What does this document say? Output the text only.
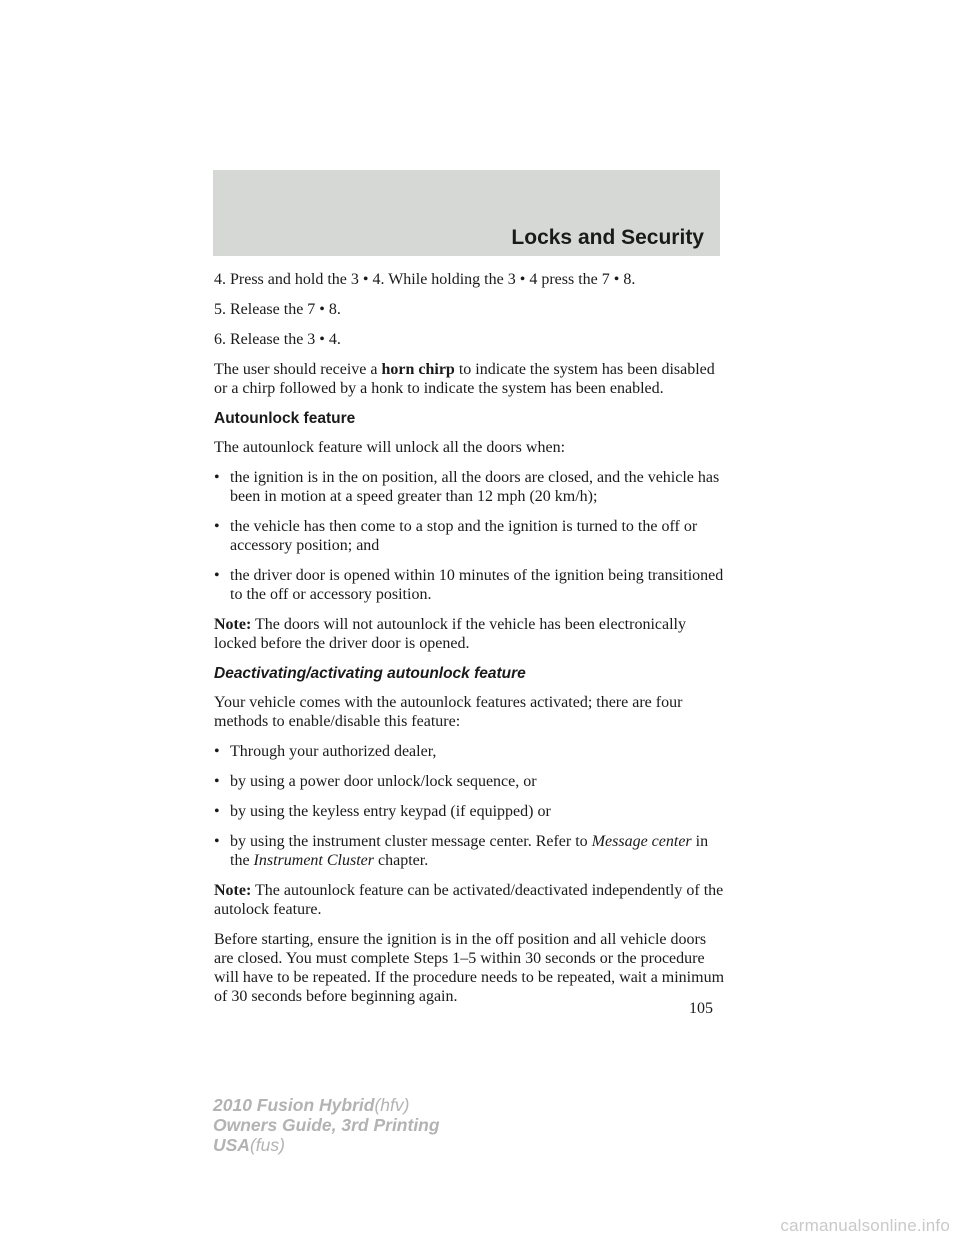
Locks and Security

4. Press and hold the 3 • 4. While holding the 3 • 4 press the 7 • 8.

5. Release the 7 • 8.

6. Release the 3 • 4.

The user should receive a horn chirp to indicate the system has been disabled or a chirp followed by a honk to indicate the system has been enabled.

Autounlock feature

The autounlock feature will unlock all the doors when:

• the ignition is in the on position, all the doors are closed, and the vehicle has been in motion at a speed greater than 12 mph (20 km/h);
• the vehicle has then come to a stop and the ignition is turned to the off or accessory position; and
• the driver door is opened within 10 minutes of the ignition being transitioned to the off or accessory position.

Note: The doors will not autounlock if the vehicle has been electronically locked before the driver door is opened.

Deactivating/activating autounlock feature

Your vehicle comes with the autounlock features activated; there are four methods to enable/disable this feature:

• Through your authorized dealer,
• by using a power door unlock/lock sequence, or
• by using the keyless entry keypad (if equipped) or
• by using the instrument cluster message center. Refer to Message center in the Instrument Cluster chapter.

Note: The autounlock feature can be activated/deactivated independently of the autolock feature.

Before starting, ensure the ignition is in the off position and all vehicle doors are closed. You must complete Steps 1–5 within 30 seconds or the procedure will have to be repeated. If the procedure needs to be repeated, wait a minimum of 30 seconds before beginning again.

105
2010 Fusion Hybrid(hfv)
Owners Guide, 3rd Printing
USA(fus)
carmanualsonline.info
